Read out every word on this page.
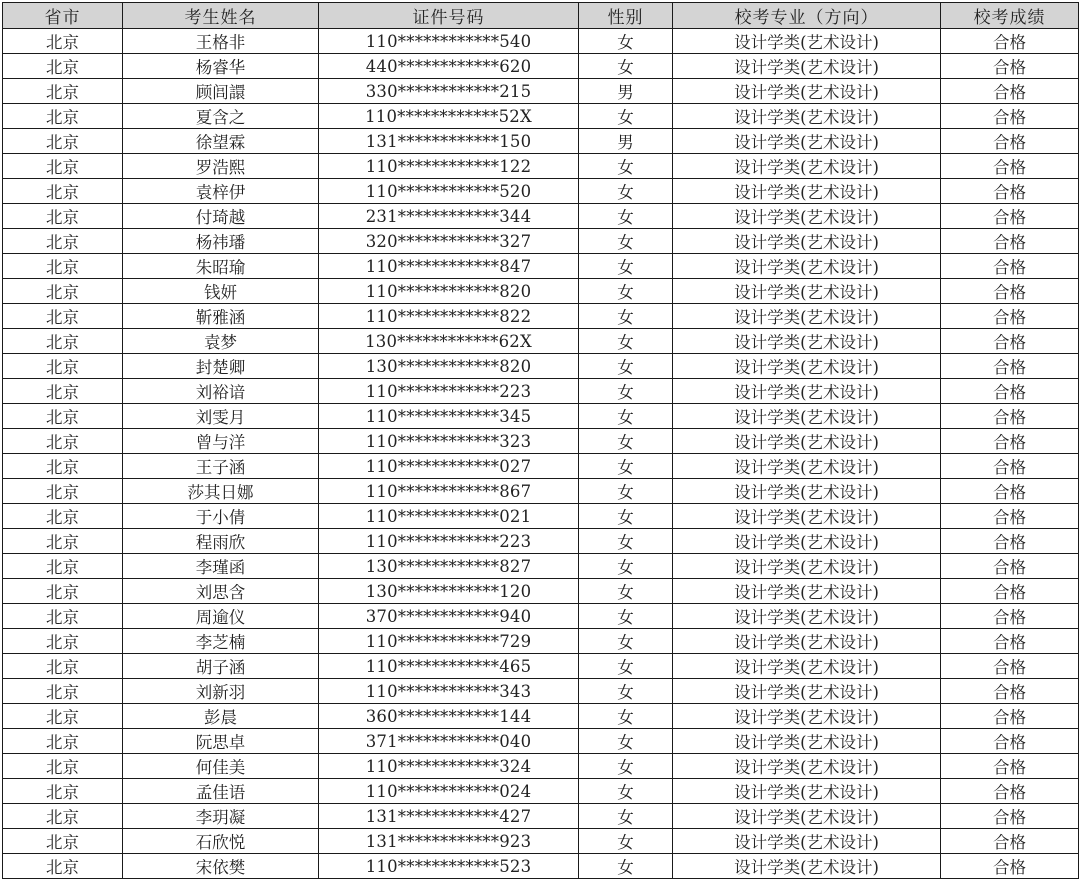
省市	考生姓名	证件号码	性别	校考专业（方向）	校考成绩
北京	王格非	110************540	女	设计学类(艺术设计)	合格
北京	杨睿华	440************620	女	设计学类(艺术设计)	合格
北京	顾闾譞	330************215	男	设计学类(艺术设计)	合格
北京	夏含之	110************52X	女	设计学类(艺术设计)	合格
北京	徐望霖	131************150	男	设计学类(艺术设计)	合格
北京	罗浩熙	110************122	女	设计学类(艺术设计)	合格
北京	袁梓伊	110************520	女	设计学类(艺术设计)	合格
北京	付琦越	231************344	女	设计学类(艺术设计)	合格
北京	杨祎璠	320************327	女	设计学类(艺术设计)	合格
北京	朱昭瑜	110************847	女	设计学类(艺术设计)	合格
北京	钱妍	110************820	女	设计学类(艺术设计)	合格
北京	靳雅涵	110************822	女	设计学类(艺术设计)	合格
北京	袁梦	130************62X	女	设计学类(艺术设计)	合格
北京	封楚卿	130************820	女	设计学类(艺术设计)	合格
北京	刘裕谙	110************223	女	设计学类(艺术设计)	合格
北京	刘雯月	110************345	女	设计学类(艺术设计)	合格
北京	曾与洋	110************323	女	设计学类(艺术设计)	合格
北京	王子涵	110************027	女	设计学类(艺术设计)	合格
北京	莎其日娜	110************867	女	设计学类(艺术设计)	合格
北京	于小倩	110************021	女	设计学类(艺术设计)	合格
北京	程雨欣	110************223	女	设计学类(艺术设计)	合格
北京	李瑾函	130************827	女	设计学类(艺术设计)	合格
北京	刘思含	130************120	女	设计学类(艺术设计)	合格
北京	周逾仪	370************940	女	设计学类(艺术设计)	合格
北京	李芝楠	110************729	女	设计学类(艺术设计)	合格
北京	胡子涵	110************465	女	设计学类(艺术设计)	合格
北京	刘新羽	110************343	女	设计学类(艺术设计)	合格
北京	彭晨	360************144	女	设计学类(艺术设计)	合格
北京	阮思卓	371************040	女	设计学类(艺术设计)	合格
北京	何佳美	110************324	女	设计学类(艺术设计)	合格
北京	孟佳语	110************024	女	设计学类(艺术设计)	合格
北京	李玥凝	131************427	女	设计学类(艺术设计)	合格
北京	石欣悦	131************923	女	设计学类(艺术设计)	合格
北京	宋依樊	110************523	女	设计学类(艺术设计)	合格
